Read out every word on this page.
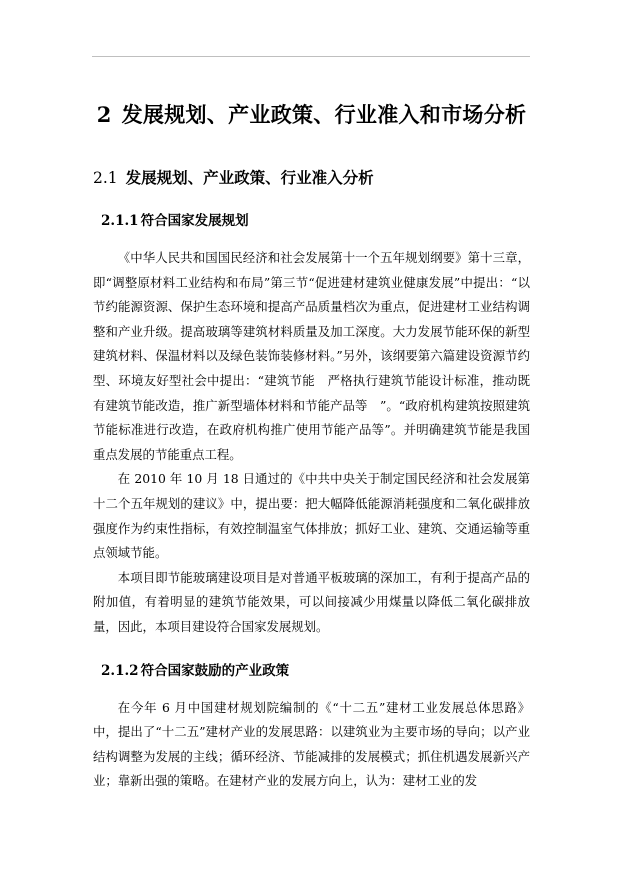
2 发展规划、产业政策、行业准入和市场分析
2.1 发展规划、产业政策、行业准入分析
2.1.1 符合国家发展规划

《中华人民共和国国民经济和社会发展第十一个五年规划纲要》第十三章，即“调整原材料工业结构和布局”第三节“促进建材建筑业健康发展”中提出：“以节约能源资源、保护生态环境和提高产品质量档次为重点，促进建材工业结构调整和产业升级。提高玻璃等建筑材料质量及加工深度。大力发展节能环保的新型建筑材料、保温材料以及绿色装饰装修材料。”另外，该纲要第六篇建设资源节约型、环境友好型社会中提出：“建筑节能　严格执行建筑节能设计标准，推动既有建筑节能改造，推广新型墙体材料和节能产品等　”。“政府机构建筑按照建筑节能标准进行改造，在政府机构推广使用节能产品等”。并明确建筑节能是我国重点发展的节能重点工程。

在 2010 年 10 月 18 日通过的《中共中央关于制定国民经济和社会发展第十二个五年规划的建议》中，提出要：把大幅降低能源消耗强度和二氧化碳排放强度作为约束性指标，有效控制温室气体排放；抓好工业、建筑、交通运输等重点领域节能。

本项目即节能玻璃建设项目是对普通平板玻璃的深加工，有利于提高产品的附加值，有着明显的建筑节能效果，可以间接减少用煤量以降低二氧化碳排放量，因此，本项目建设符合国家发展规划。

2.1.2 符合国家鼓励的产业政策

在今年 6 月中国建材规划院编制的《“十二五”建材工业发展总体思路》中，提出了“十二五”建材产业的发展思路：以建筑业为主要市场的导向；以产业结构调整为发展的主线；循环经济、节能减排的发展模式；抓住机遇发展新兴产业；靠新出强的策略。在建材产业的发展方向上，认为：建材工业的发
